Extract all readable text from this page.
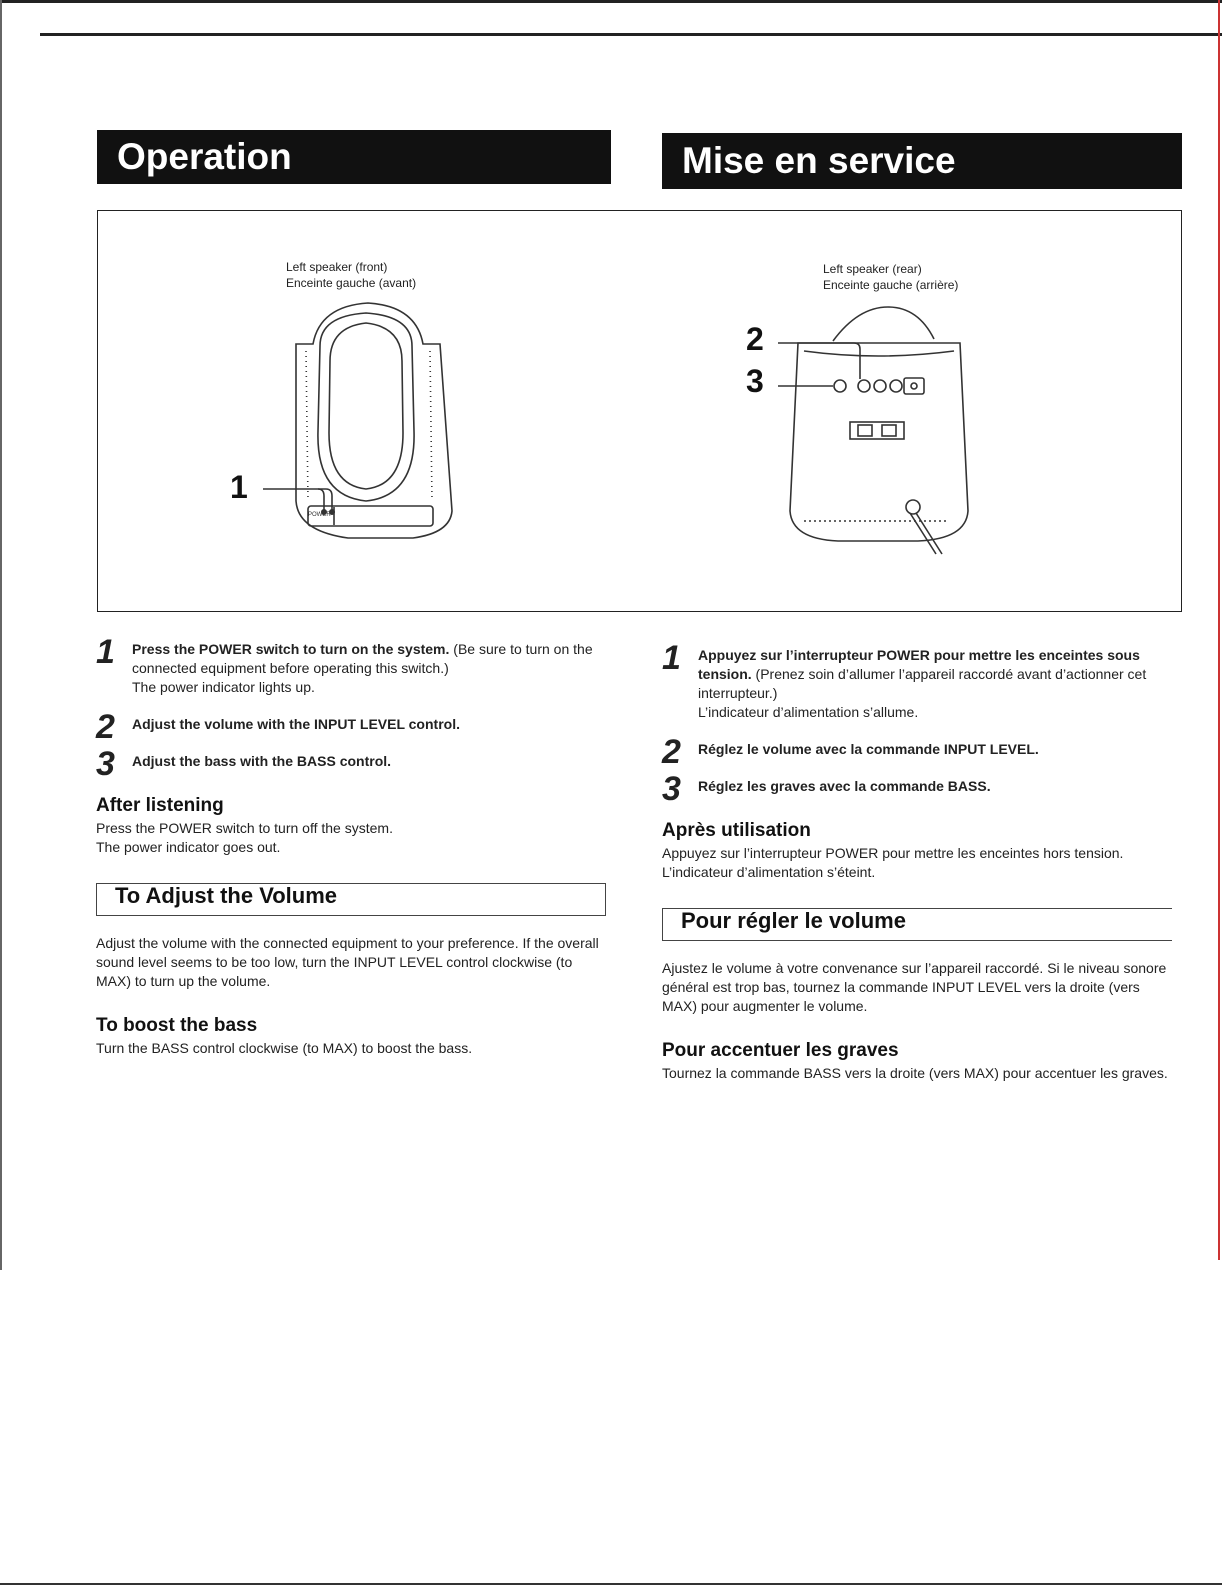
Operation	Mise en service
POWER
Left speaker (front)
Enceinte gauche (avant)
Left speaker (rear)
Enceinte gauche (arrière)
1
2
3
1 Press the POWER switch to turn on the system. (Be sure to turn on the connected equipment before operating this switch.)

The power indicator lights up.

2 Adjust the volume with the INPUT LEVEL control.

3 Adjust the bass with the BASS control.

After listening

Press the POWER switch to turn off the system.

The power indicator goes out.

To Adjust the Volume

Adjust the volume with the connected equipment to your preference. If the overall sound level seems to be too low, turn the INPUT LEVEL control clockwise (to MAX) to turn up the volume.

To boost the bass

Turn the BASS control clockwise (to MAX) to boost the bass.

1 Appuyez sur l’interrupteur POWER pour mettre les enceintes sous tension. (Prenez soin d’allumer l’appareil raccordé avant d’actionner cet interrupteur.)

L’indicateur d’alimentation s’allume.

2 Réglez le volume avec la commande INPUT LEVEL.

3 Réglez les graves avec la commande BASS.

Après utilisation

Appuyez sur l’interrupteur POWER pour mettre les enceintes hors tension.

L’indicateur d’alimentation s’éteint.

Pour régler le volume

Ajustez le volume à votre convenance sur l’appareil raccordé. Si le niveau sonore général est trop bas, tournez la commande INPUT LEVEL vers la droite (vers MAX) pour augmenter le volume.

Pour accentuer les graves

Tournez la commande BASS vers la droite (vers MAX) pour accentuer les graves.
